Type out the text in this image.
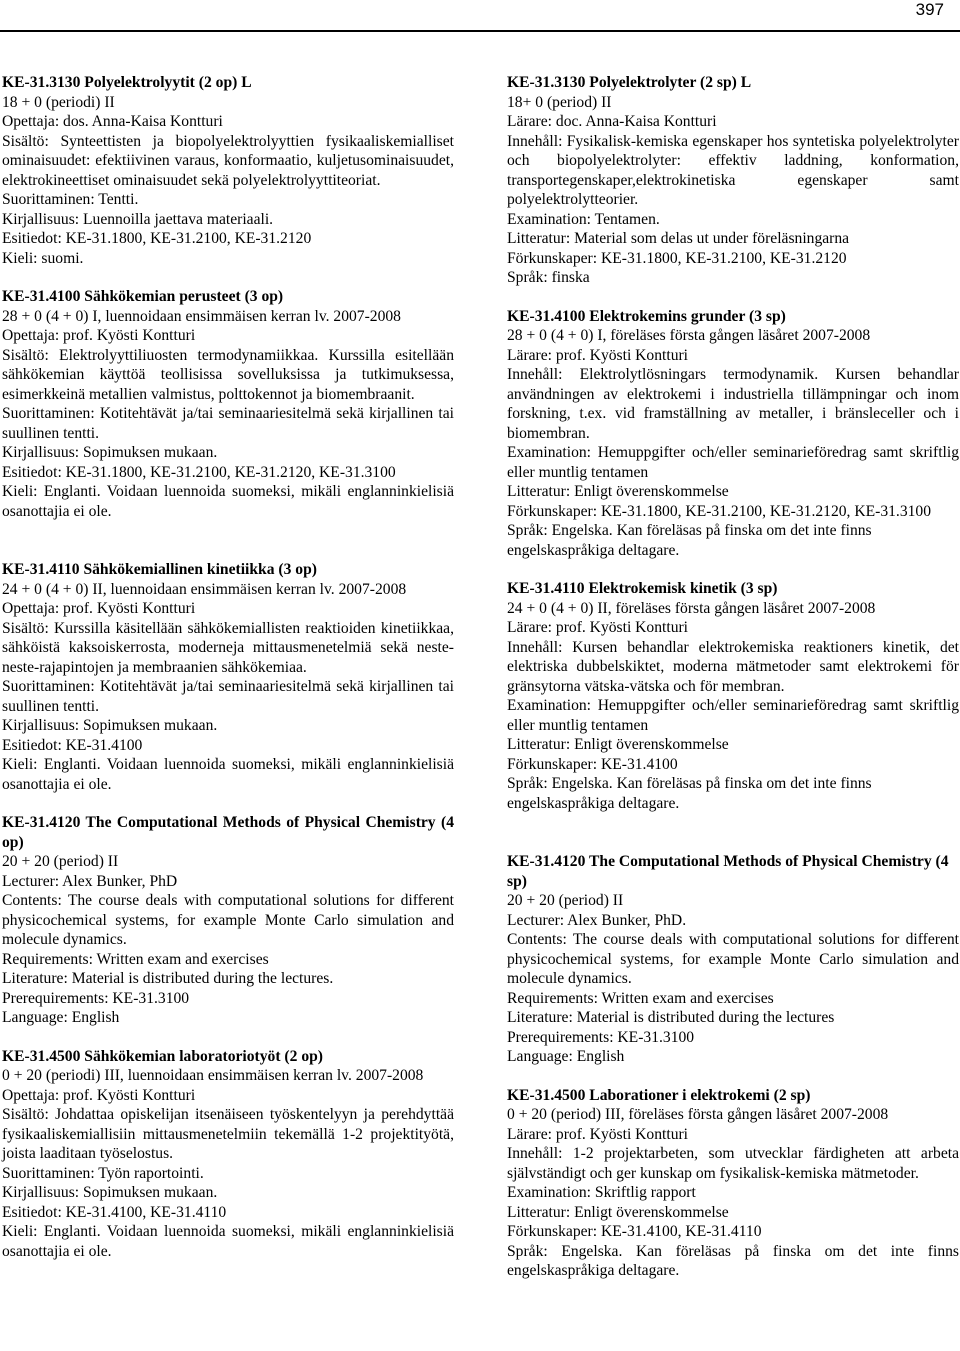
397
KE-31.3130 Polyelektrolyytit (2 op) L
18 + 0 (periodi) II
Opettaja: dos. Anna-Kaisa Kontturi
Sisältö: Synteettisten ja biopolyelektrolyyttien fysikaaliskemialliset ominaisuudet: efektiivinen varaus, konformaatio, kuljetusominaisuudet, elektrokineettiset ominaisuudet sekä polyelektrolyyttiteoriat.
Suorittaminen: Tentti.
Kirjallisuus: Luennoilla jaettava materiaali.
Esitiedot: KE-31.1800, KE-31.2100, KE-31.2120
Kieli: suomi.
KE-31.4100 Sähkökemian perusteet (3 op)
28 + 0 (4 + 0) I, luennoidaan ensimmäisen kerran lv. 2007-2008
Opettaja: prof. Kyösti Kontturi
Sisältö: Elektrolyyttiliuosten termodynamiikkaa. Kurssilla esitellään sähkökemian käyttöä teollisissa sovelluksissa ja tutkimuksessa, esimerkkeinä metallien valmistus, polttokennot ja biomembraanit.
Suorittaminen: Kotitehtävät ja/tai seminaariesitelmä sekä kirjallinen tai suullinen tentti.
Kirjallisuus: Sopimuksen mukaan.
Esitiedot: KE-31.1800, KE-31.2100, KE-31.2120, KE-31.3100
Kieli: Englanti. Voidaan luennoida suomeksi, mikäli englanninkielisiä osanottajia ei ole.
KE-31.4110 Sähkökemiallinen kinetiikka (3 op)
24 + 0 (4 + 0) II, luennoidaan ensimmäisen kerran lv. 2007-2008
Opettaja: prof. Kyösti Kontturi
Sisältö: Kurssilla käsitellään sähkökemiallisten reaktioiden kinetiikkaa, sähköistä kaksoiskerrosta, moderneja mittausmenetelmiä sekä neste-neste-rajapintojen ja membraanien sähkökemiaa.
Suorittaminen: Kotitehtävät ja/tai seminaariesitelmä sekä kirjallinen tai suullinen tentti.
Kirjallisuus: Sopimuksen mukaan.
Esitiedot: KE-31.4100
Kieli: Englanti. Voidaan luennoida suomeksi, mikäli englanninkielisiä osanottajia ei ole.
KE-31.4120 The Computational Methods of Physical Chemistry (4 op)
20 + 20 (period) II
Lecturer: Alex Bunker, PhD
Contents: The course deals with computational solutions for different physicochemical systems, for example Monte Carlo simulation and molecule dynamics.
Requirements: Written exam and exercises
Literature: Material is distributed during the lectures.
Prerequirements: KE-31.3100
Language: English
KE-31.4500 Sähkökemian laboratoriotyöt (2 op)
0 + 20 (periodi) III, luennoidaan ensimmäisen kerran lv. 2007-2008
Opettaja: prof. Kyösti Kontturi
Sisältö: Johdattaa opiskelijan itsenäiseen työskentelyyn ja perehdyttää fysikaaliskemiallisiin mittausmenetelmiin tekemällä 1-2 projektityötä, joista laaditaan työselostus.
Suorittaminen: Työn raportointi.
Kirjallisuus: Sopimuksen mukaan.
Esitiedot: KE-31.4100, KE-31.4110
Kieli: Englanti. Voidaan luennoida suomeksi, mikäli englanninkielisiä osanottajia ei ole.
KE-31.3130 Polyelektrolyter (2 sp) L
18+ 0 (period) II
Lärare: doc. Anna-Kaisa Kontturi
Innehåll: Fysikalisk-kemiska egenskaper hos syntetiska polyelektrolyter och biopolyelektrolyter: effektiv laddning, konformation, transportegenskaper,elektrokinetiska egenskaper samt polyelektrolytteorier.
Examination: Tentamen.
Litteratur: Material som delas ut under föreläsningarna
Förkunskaper: KE-31.1800, KE-31.2100, KE-31.2120
Språk: finska
KE-31.4100 Elektrokemins grunder (3 sp)
28 + 0 (4 + 0) I, föreläses första gången läsåret 2007-2008
Lärare: prof. Kyösti Kontturi
Innehåll: Elektrolytlösningars termodynamik. Kursen behandlar användningen av elektrokemi i industriella tillämpningar och inom forskning, t.ex. vid framställning av metaller, i bränsleceller och i biomembran.
Examination: Hemuppgifter och/eller seminarieföredrag samt skriftlig eller muntlig tentamen
Litteratur: Enligt överenskommelse
Förkunskaper: KE-31.1800, KE-31.2100, KE-31.2120, KE-31.3100
Språk: Engelska. Kan föreläsas på finska om det inte finns engelskaspråkiga deltagare.
KE-31.4110 Elektrokemisk kinetik (3 sp)
24 + 0 (4 + 0) II, föreläses första gången läsåret 2007-2008
Lärare: prof. Kyösti Kontturi
Innehåll: Kursen behandlar elektrokemiska reaktioners kinetik, det elektriska dubbelskiktet, moderna mätmetoder samt elektrokemi för gränsytorna vätska-vätska och för membran.
Examination: Hemuppgifter och/eller seminarieföredrag samt skriftlig eller muntlig tentamen
Litteratur: Enligt överenskommelse
Förkunskaper: KE-31.4100
Språk: Engelska. Kan föreläsas på finska om det inte finns engelskaspråkiga deltagare.
KE-31.4120 The Computational Methods of Physical Chemistry (4 sp)
20 + 20 (period) II
Lecturer: Alex Bunker, PhD.
Contents: The course deals with computational solutions for different physicochemical systems, for example Monte Carlo simulation and molecule dynamics.
Requirements: Written exam and exercises
Literature: Material is distributed during the lectures
Prerequirements: KE-31.3100
Language: English
KE-31.4500 Laborationer i elektrokemi (2 sp)
0 + 20 (period) III, föreläses första gången läsåret 2007-2008
Lärare: prof. Kyösti Kontturi
Innehåll: 1-2 projektarbeten, som utvecklar färdigheten att arbeta självständigt och ger kunskap om fysikalisk-kemiska mätmetoder.
Examination: Skriftlig rapport
Litteratur: Enligt överenskommelse
Förkunskaper: KE-31.4100, KE-31.4110
Språk: Engelska. Kan föreläsas på finska om det inte finns engelskaspråkiga deltagare.
